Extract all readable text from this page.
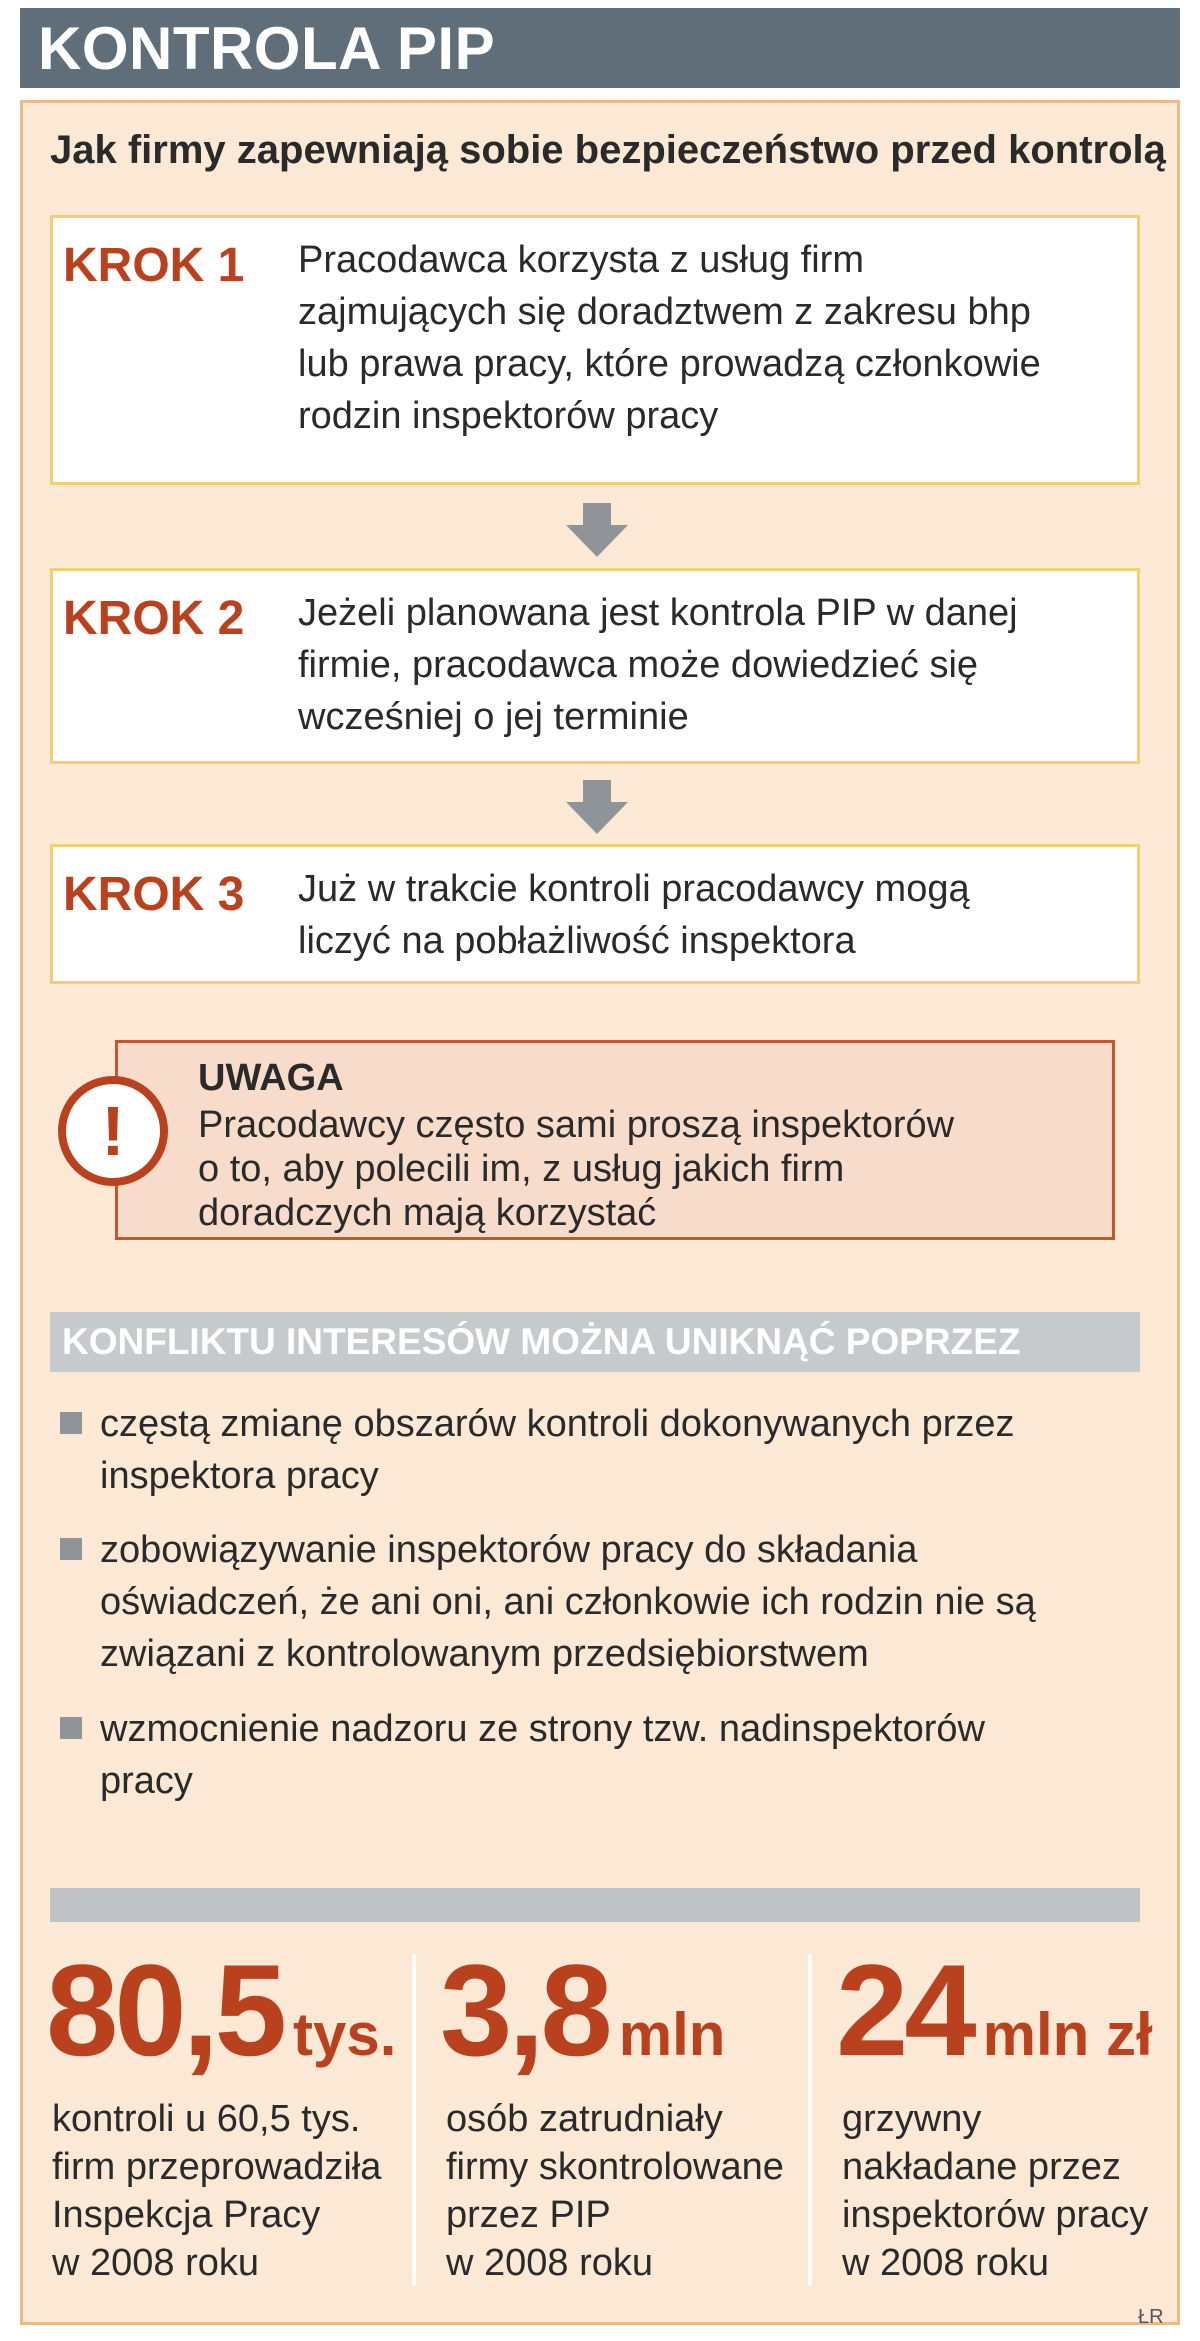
KONTROLA PIP
Jak firmy zapewniają sobie bezpieczeństwo przed kontrolą
KROK 1 Pracodawca korzysta z usług firm
zajmujących się doradztwem z zakresu bhp
lub prawa pracy, które prowadzą członkowie
rodzin inspektorów pracy
KROK 2 Jeżeli planowana jest kontrola PIP w danej
firmie, pracodawca może dowiedzieć się
wcześniej o jej terminie
KROK 3 Już w trakcie kontroli pracodawcy mogą
liczyć na pobłażliwość inspektora
UWAGA
Pracodawcy często sami proszą inspektorów
o to, aby polecili im, z usług jakich firm
doradczych mają korzystać
!
KONFLIKTU INTERESÓW MOŻNA UNIKNĄĆ POPRZEZ
częstą zmianę obszarów kontroli dokonywanych przez
inspektora pracy
zobowiązywanie inspektorów pracy do składania
oświadczeń, że ani oni, ani członkowie ich rodzin nie są
związani z kontrolowanym przedsiębiorstwem
wzmocnienie nadzoru ze strony tzw. nadinspektorów
pracy
80,5 tys.
kontroli u 60,5 tys.
firm przeprowadziła
Inspekcja Pracy
w 2008 roku
3,8 mln
osób zatrudniały
firmy skontrolowane
przez PIP
w 2008 roku
24 mln zł
grzywny
nakładane przez
inspektorów pracy
w 2008 roku
ŁR
